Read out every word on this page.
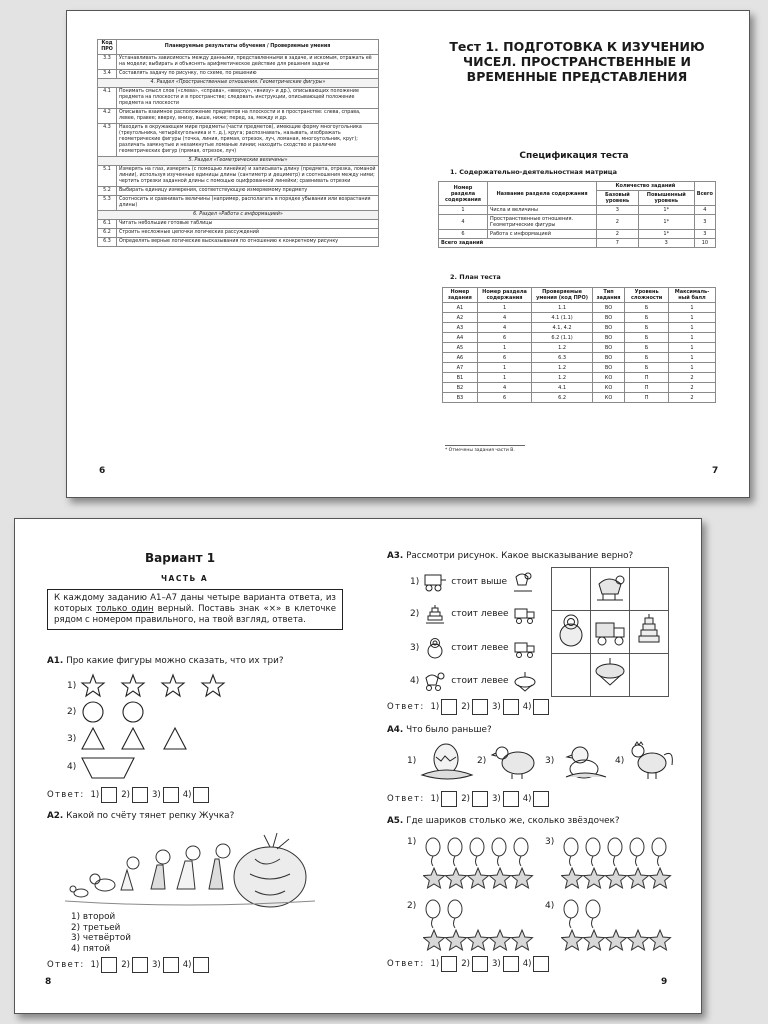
Код ПРО	Планируемые результаты обучения / Проверяемые умения
3.3	Устанавливать зависимость между данными, представленными в задаче, и искомым, отражать её на модели; выбирать и объяснять арифметическое действие для решения задачи
3.4	Составлять задачу по рисунку, по схеме, по решению
4. Раздел «Пространственные отношения. Геометрические фигуры»	
4.1	Понимать смысл слов («слева», «справа», «вверху», «внизу» и др.), описывающих положение предмета на плоскости и в пространстве; следовать инструкции, описывающей положение предмета на плоскости
4.2	Описывать взаимное расположение предметов на плоскости и в пространстве: слева, справа, левее, правее; вверху, внизу, выше, ниже; перед, за, между и др.
4.3	Находить в окружающем мире предметы (части предметов), имеющие форму многоугольника (треугольника, четырёхугольника и т. д.), круга; распознавать, называть, изображать геометрические фигуры (точка, линия, прямая, отрезок, луч, ломаная, многоугольник, круг); различать замкнутые и незамкнутые ломаные линии; находить сходство и различие геометрических фигур (прямая, отрезок, луч)
5. Раздел «Геометрические величины»	
5.1	Измерять на глаз, измерять (с помощью линейки) и записывать длину (предмета, отрезка, ломаной линии), используя изученные единицы длины (сантиметр и дециметр) и соотношения между ними; чертить отрезки заданной длины с помощью оцифрованной линейки; сравнивать отрезки
5.2	Выбирать единицу измерения, соответствующую измеряемому предмету
5.3	Соотносить и сравнивать величины (например, располагать в порядке убывания или возрастания длины)
6. Раздел «Работа с информацией»	
6.1	Читать небольшие готовые таблицы
6.2	Строить несложные цепочки логических рассуждений
6.3	Определять верные логические высказывания по отношению к конкретному рисунку
Тест 1. ПОДГОТОВКА К ИЗУЧЕНИЮ ЧИСЕЛ. ПРОСТРАНСТВЕННЫЕ И ВРЕМЕННЫЕ ПРЕДСТАВЛЕНИЯ
Спецификация теста
1. Содержательно-деятельностная матрица
Номер раздела содержания	Название раздела содержания	Количество заданий		Всего
		Базовый уровень	Повышенный уровень	
1	Числа и величины	3	1*	4
4	Пространственные отношения. Геометрические фигуры	2	1*	3
6	Работа с информацией	2	1*	3
Всего заданий		7	3	10
2. План теста
Номер задания	Номер раздела содержания	Проверяемые умения (код ПРО)	Тип задания	Уровень сложности	Максимальный балл
А1	1	1.1	ВО	Б	1
А2	4	4.1 (1.1)	ВО	Б	1
А3	4	4.1, 4.2	ВО	Б	1
А4	6	6.2 (1.1)	ВО	Б	1
А5	1	1.2	ВО	Б	1
А6	6	6.3	ВО	Б	1
А7	1	1.2	ВО	Б	1
В1	1	1.2	КО	П	2
В2	4	4.1	КО	П	2
В3	6	6.2	КО	П	2
* Отмечены задания части В.
6	7
Вариант 1
ЧАСТЬ А
К каждому заданию А1–А7 даны четыре варианта ответа, из которых только один верный. Поставь знак «×» в клеточке рядом с номером правильного, на твой взгляд, ответа.
А1. Про какие фигуры можно сказать, что их три?
1)
2)
3)
4)
Ответ: 1)	2)	3)	4)
А2. Какой по счёту тянет репку Жучка?
1) второй
2) третьей
3) четвёртой
4) пятой
Ответ: 1)	2)	3)	4)
8
А3. Рассмотри рисунок. Какое высказывание верно?
1)	стоит выше
2)	стоит левее
3)	стоит левее
4)	стоит левее

Ответ: 1)	2)	3)	4)
А4. Что было раньше?
1)	2)	3)	4)
Ответ: 1)	2)	3)	4)
А5. Где шариков столько же, сколько звёздочек?
1)	3)
2)	4)
Ответ: 1)	2)	3)	4)
9
